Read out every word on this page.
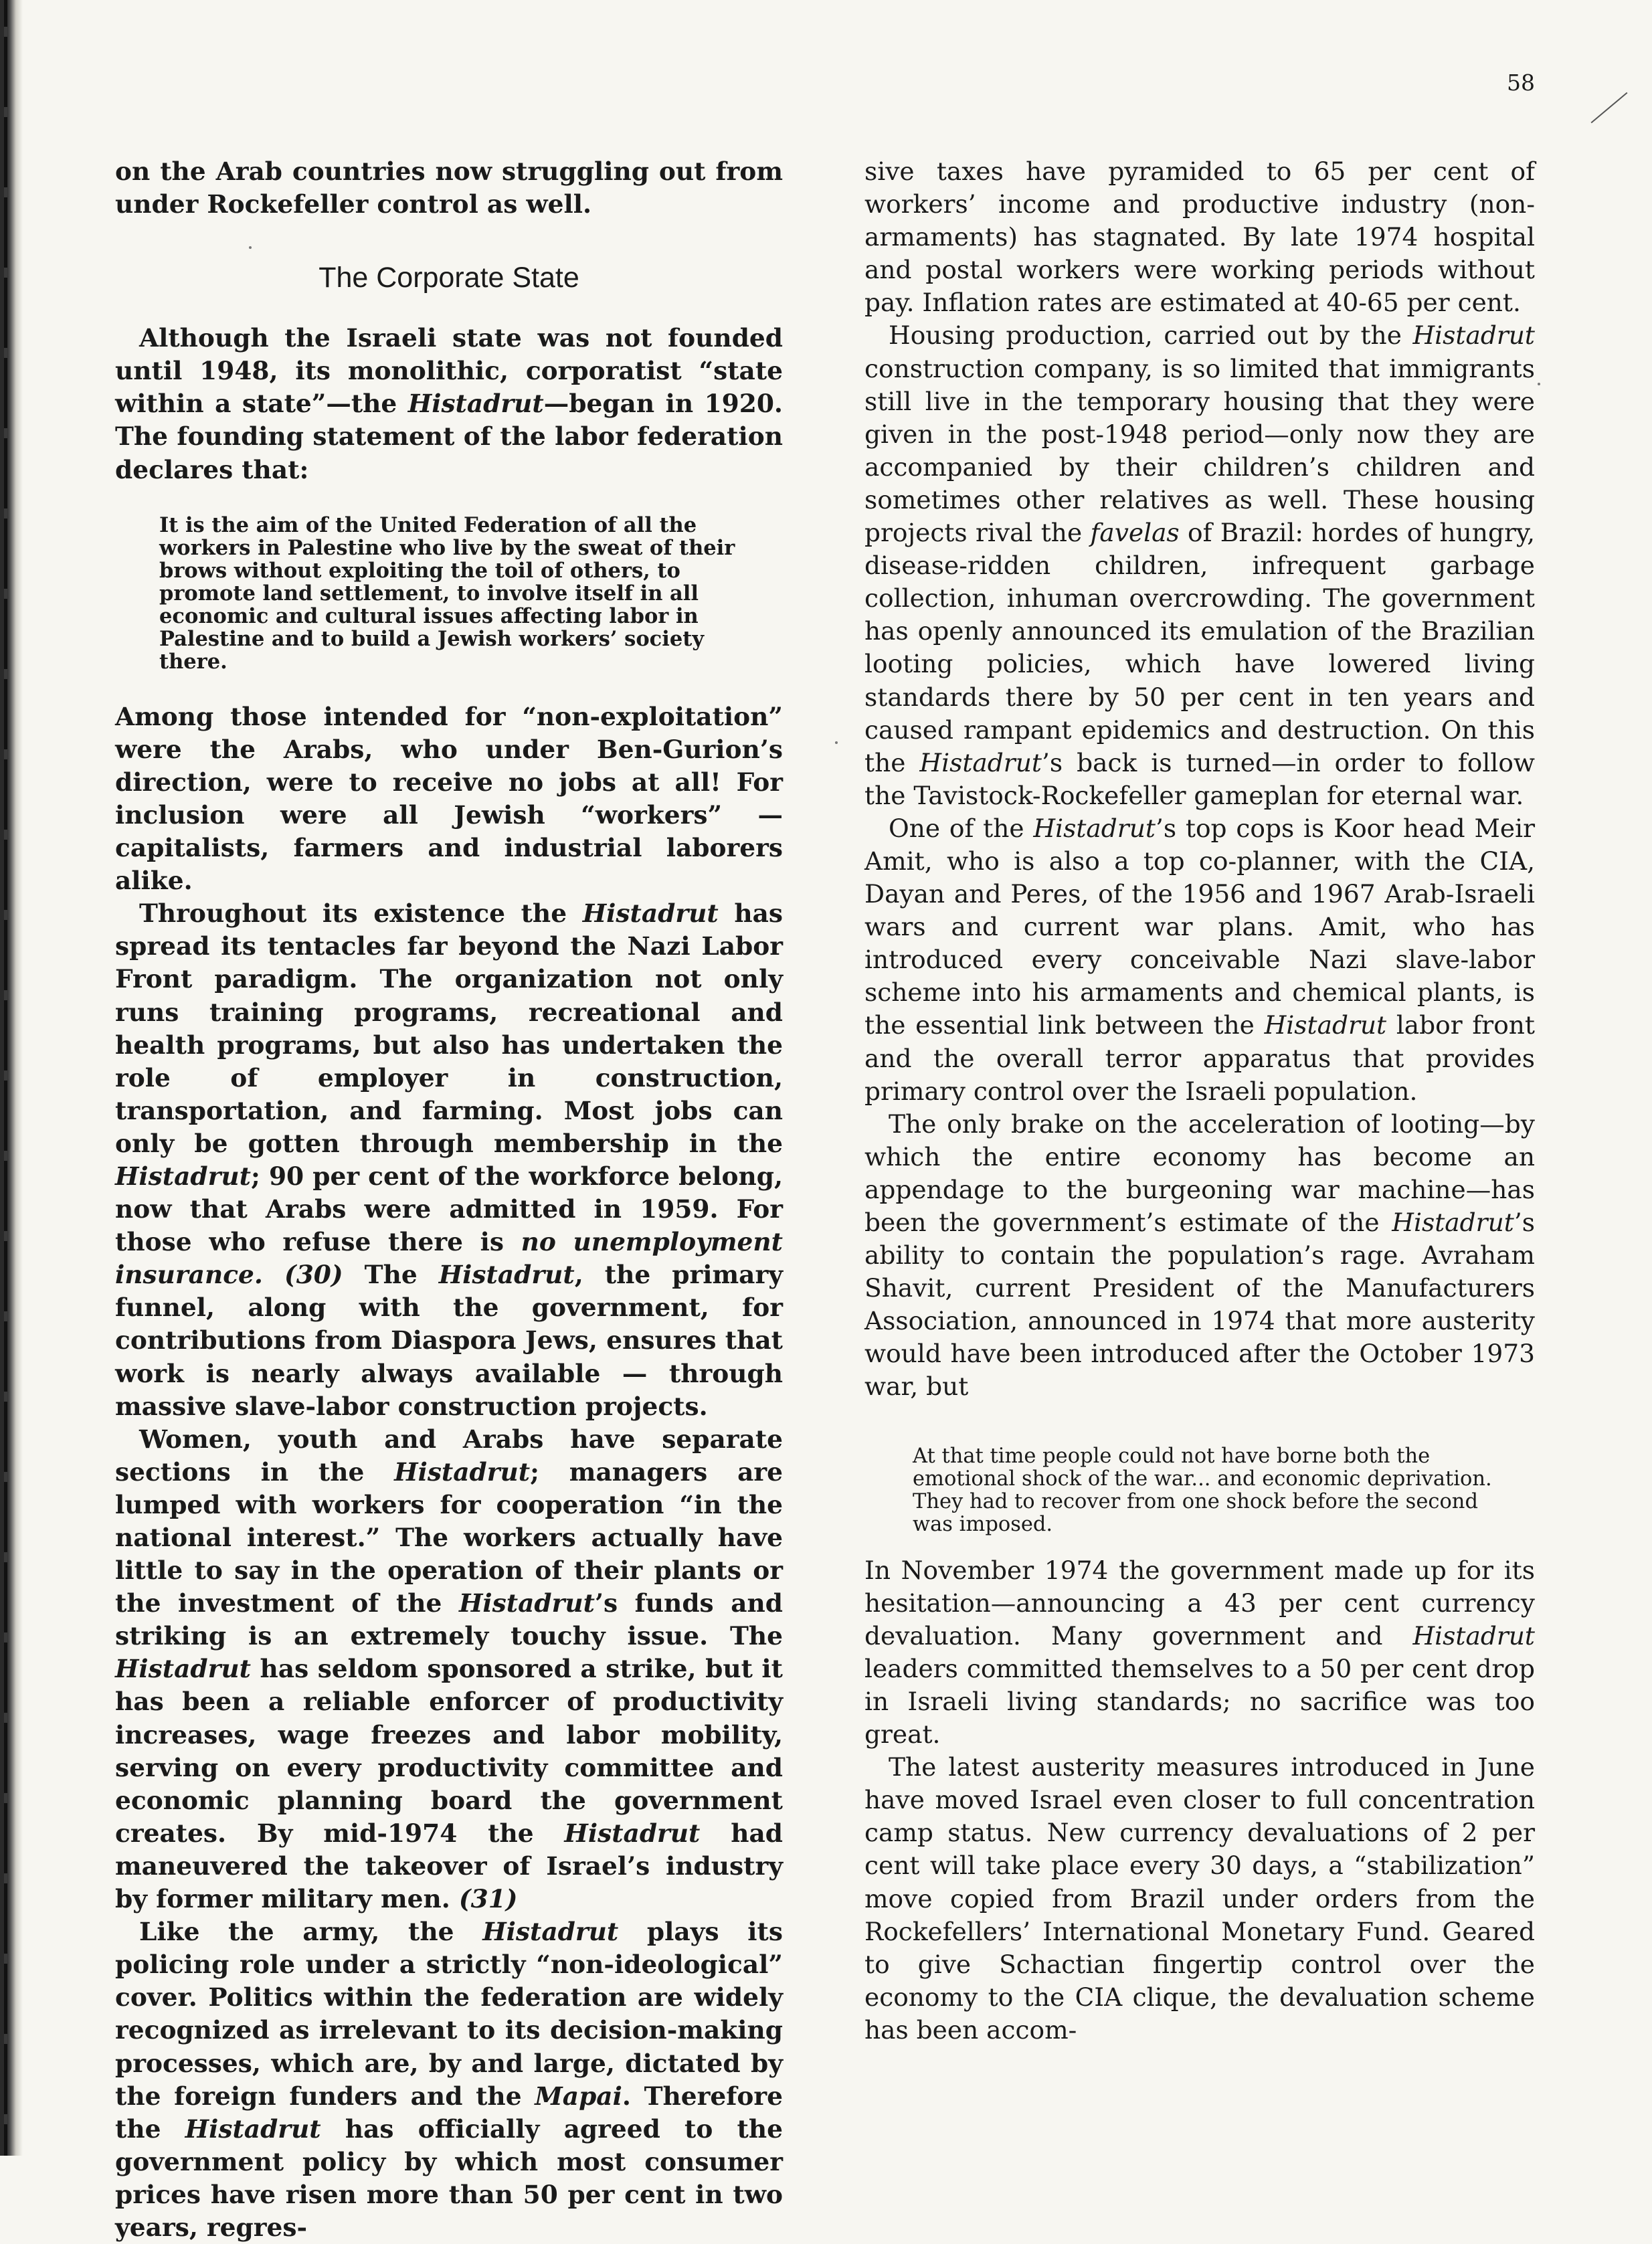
58

on the Arab countries now struggling out from under Rockefeller control as well.

The Corporate State

Although the Israeli state was not founded until 1948, its monolithic, corporatist “state within a state”—the Histadrut—began in 1920. The founding statement of the labor federation declares that:

It is the aim of the United Federation of all the workers in Palestine who live by the sweat of their brows without exploiting the toil of others, to promote land settlement, to involve itself in all economic and cultural issues affecting labor in Palestine and to build a Jewish workers’ society there.

Among those intended for “non-exploitation” were the Arabs, who under Ben-Gurion’s direction, were to receive no jobs at all! For inclusion were all Jewish “workers” — capitalists, farmers and industrial laborers alike.

Throughout its existence the Histadrut has spread its tentacles far beyond the Nazi Labor Front paradigm. The organization not only runs training programs, recreational and health programs, but also has undertaken the role of employer in construction, transportation, and farming. Most jobs can only be gotten through membership in the Histadrut; 90 per cent of the workforce belong, now that Arabs were admitted in 1959. For those who refuse there is no unemployment insurance. (30) The Histadrut, the primary funnel, along with the government, for contributions from Diaspora Jews, ensures that work is nearly always available — through massive slave-labor construction projects.

Women, youth and Arabs have separate sections in the Histadrut; managers are lumped with workers for cooperation “in the national interest.” The workers actually have little to say in the operation of their plants or the investment of the Histadrut’s funds and striking is an extremely touchy issue. The Histadrut has seldom sponsored a strike, but it has been a reliable enforcer of productivity increases, wage freezes and labor mobility, serving on every productivity committee and economic planning board the government creates. By mid-1974 the Histadrut had maneuvered the takeover of Israel’s industry by former military men. (31)

Like the army, the Histadrut plays its policing role under a strictly “non-ideological” cover. Politics within the federation are widely recognized as irrelevant to its decision-making processes, which are, by and large, dictated by the foreign funders and the Mapai. Therefore the Histadrut has officially agreed to the government policy by which most consumer prices have risen more than 50 per cent in two years, regres-

sive taxes have pyramided to 65 per cent of workers’ income and productive industry (non-armaments) has stagnated. By late 1974 hospital and postal workers were working periods without pay. Inflation rates are estimated at 40-65 per cent.

Housing production, carried out by the Histadrut construction company, is so limited that immigrants still live in the temporary housing that they were given in the post-1948 period—only now they are accompanied by their children’s children and sometimes other relatives as well. These housing projects rival the favelas of Brazil: hordes of hungry, disease-ridden children, infrequent garbage collection, inhuman overcrowding. The government has openly announced its emulation of the Brazilian looting policies, which have lowered living standards there by 50 per cent in ten years and caused rampant epidemics and destruction. On this the Histadrut’s back is turned—in order to follow the Tavistock-Rockefeller gameplan for eternal war.

One of the Histadrut’s top cops is Koor head Meir Amit, who is also a top co-planner, with the CIA, Dayan and Peres, of the 1956 and 1967 Arab-Israeli wars and current war plans. Amit, who has introduced every conceivable Nazi slave-labor scheme into his armaments and chemical plants, is the essential link between the Histadrut labor front and the overall terror apparatus that provides primary control over the Israeli population.

The only brake on the acceleration of looting—by which the entire economy has become an appendage to the burgeoning war machine—has been the government’s estimate of the Histadrut’s ability to contain the population’s rage. Avraham Shavit, current President of the Manufacturers Association, announced in 1974 that more austerity would have been introduced after the October 1973 war, but

At that time people could not have borne both the emotional shock of the war... and economic deprivation. They had to recover from one shock before the second was imposed.

In November 1974 the government made up for its hesitation—announcing a 43 per cent currency devaluation. Many government and Histadrut leaders committed themselves to a 50 per cent drop in Israeli living standards; no sacrifice was too great.

The latest austerity measures introduced in June have moved Israel even closer to full concentration camp status. New currency devaluations of 2 per cent will take place every 30 days, a “stabilization” move copied from Brazil under orders from the Rockefellers’ International Monetary Fund. Geared to give Schactian fingertip control over the economy to the CIA clique, the devaluation scheme has been accom-
